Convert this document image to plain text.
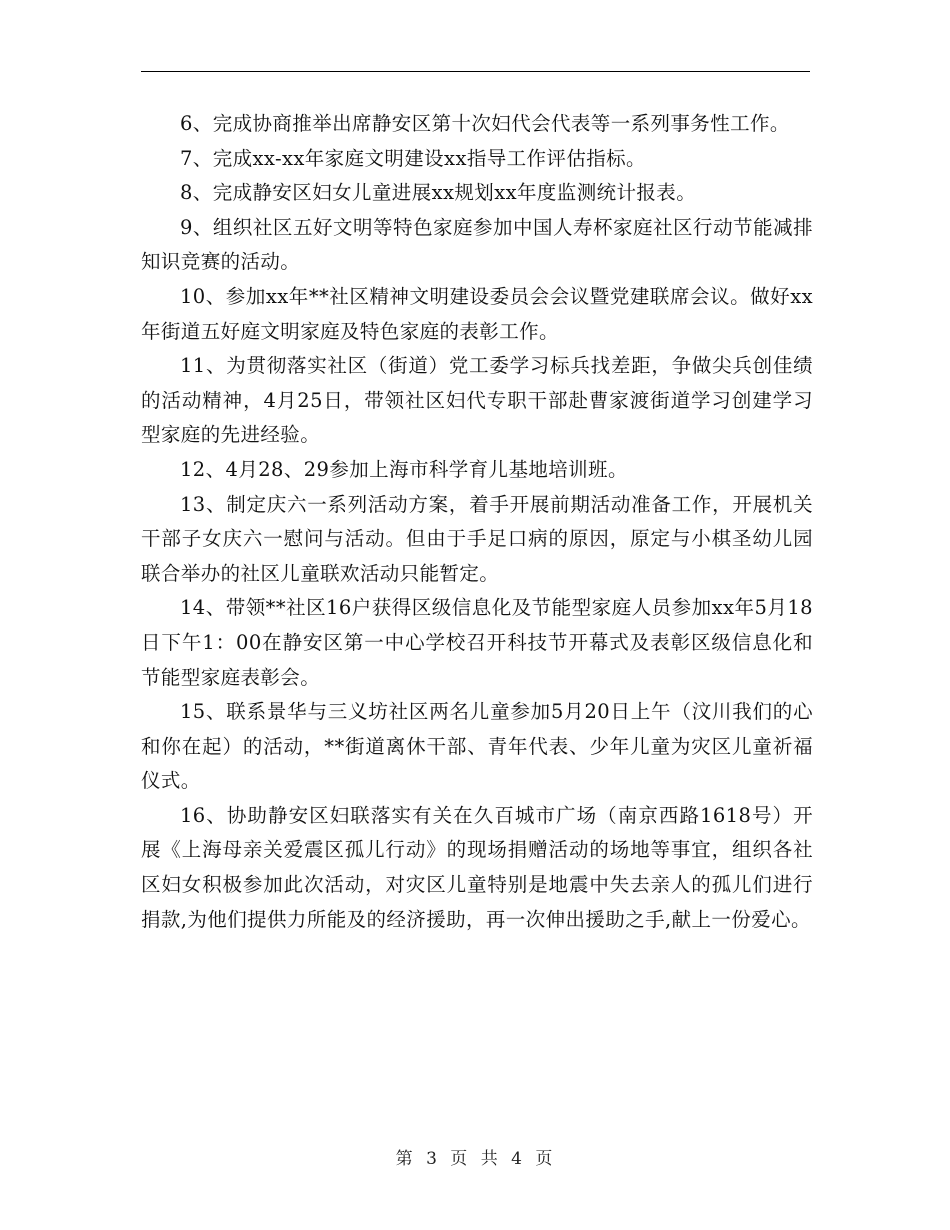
6、完成协商推举出席静安区第十次妇代会代表等一系列事务性工作。

7、完成xx-xx年家庭文明建设xx指导工作评估指标。

8、完成静安区妇女儿童进展xx规划xx年度监测统计报表。

9、组织社区五好文明等特色家庭参加中国人寿杯家庭社区行动节能减排知识竞赛的活动。

10、参加xx年**社区精神文明建设委员会会议暨党建联席会议。做好xx年街道五好庭文明家庭及特色家庭的表彰工作。

11、为贯彻落实社区（街道）党工委学习标兵找差距，争做尖兵创佳绩的活动精神，4月25日，带领社区妇代专职干部赴曹家渡街道学习创建学习型家庭的先进经验。

12、4月28、29参加上海市科学育儿基地培训班。

13、制定庆六一系列活动方案，着手开展前期活动准备工作，开展机关干部子女庆六一慰问与活动。但由于手足口病的原因，原定与小棋圣幼儿园联合举办的社区儿童联欢活动只能暂定。

14、带领**社区16户获得区级信息化及节能型家庭人员参加xx年5月18日下午1：00在静安区第一中心学校召开科技节开幕式及表彰区级信息化和节能型家庭表彰会。

15、联系景华与三义坊社区两名儿童参加5月20日上午（汶川我们的心和你在起）的活动，**街道离休干部、青年代表、少年儿童为灾区儿童祈福仪式。

16、协助静安区妇联落实有关在久百城市广场（南京西路1618号）开展《上海母亲关爱震区孤儿行动》的现场捐赠活动的场地等事宜，组织各社区妇女积极参加此次活动，对灾区儿童特别是地震中失去亲人的孤儿们进行捐款,为他们提供力所能及的经济援助，再一次伸出援助之手,献上一份爱心。

第 3 页 共 4 页
